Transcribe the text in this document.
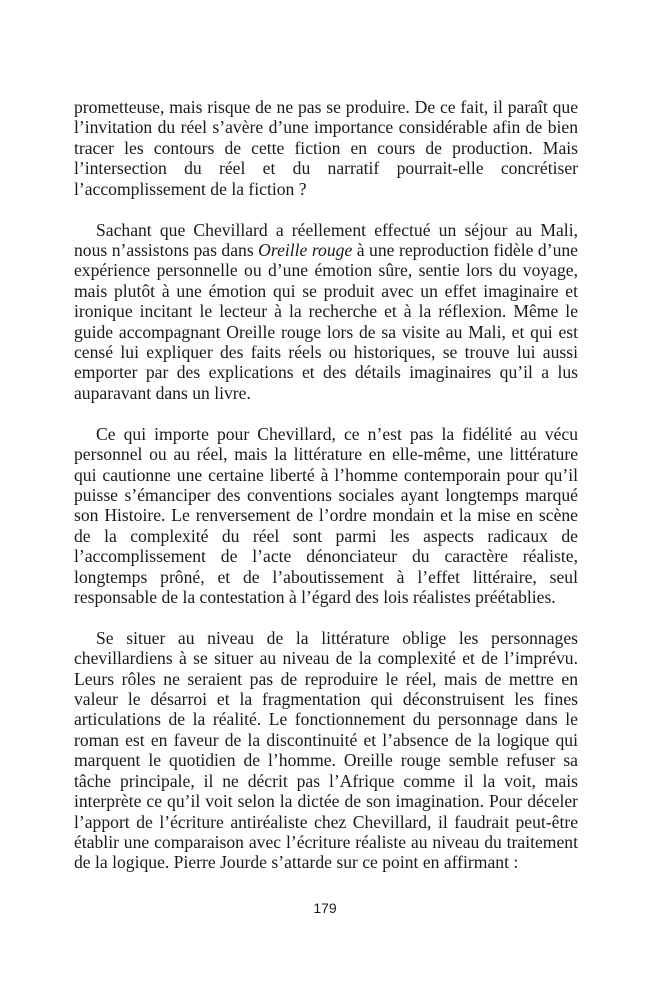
prometteuse, mais risque de ne pas se produire. De ce fait, il paraît que l’invitation du réel s’avère d’une importance considérable afin de bien tracer les contours de cette fiction en cours de production. Mais l’intersection du réel et du narratif pourrait-elle concrétiser l’accomplissement de la fiction ?

Sachant que Chevillard a réellement effectué un séjour au Mali, nous n’assistons pas dans Oreille rouge à une reproduction fidèle d’une expérience personnelle ou d’une émotion sûre, sentie lors du voyage, mais plutôt à une émotion qui se produit avec un effet imaginaire et ironique incitant le lecteur à la recherche et à la réflexion. Même le guide accompagnant Oreille rouge lors de sa visite au Mali, et qui est censé lui expliquer des faits réels ou historiques, se trouve lui aussi emporter par des explications et des détails imaginaires qu’il a lus auparavant dans un livre.

Ce qui importe pour Chevillard, ce n’est pas la fidélité au vécu personnel ou au réel, mais la littérature en elle-même, une littérature qui cautionne une certaine liberté à l’homme contemporain pour qu’il puisse s’émanciper des conventions sociales ayant longtemps marqué son Histoire. Le renversement de l’ordre mondain et la mise en scène de la complexité du réel sont parmi les aspects radicaux de l’accomplissement de l’acte dénonciateur du caractère réaliste, longtemps prôné, et de l’aboutissement à l’effet littéraire, seul responsable de la contestation à l’égard des lois réalistes préétablies.

Se situer au niveau de la littérature oblige les personnages chevillardiens à se situer au niveau de la complexité et de l’imprévu. Leurs rôles ne seraient pas de reproduire le réel, mais de mettre en valeur le désarroi et la fragmentation qui déconstruisent les fines articulations de la réalité. Le fonctionnement du personnage dans le roman est en faveur de la discontinuité et l’absence de la logique qui marquent le quotidien de l’homme. Oreille rouge semble refuser sa tâche principale, il ne décrit pas l’Afrique comme il la voit, mais interprète ce qu’il voit selon la dictée de son imagination. Pour déceler l’apport de l’écriture antiréaliste chez Chevillard, il faudrait peut-être établir une comparaison avec l’écriture réaliste au niveau du traitement de la logique. Pierre Jourde s’attarde sur ce point en affirmant :

179
